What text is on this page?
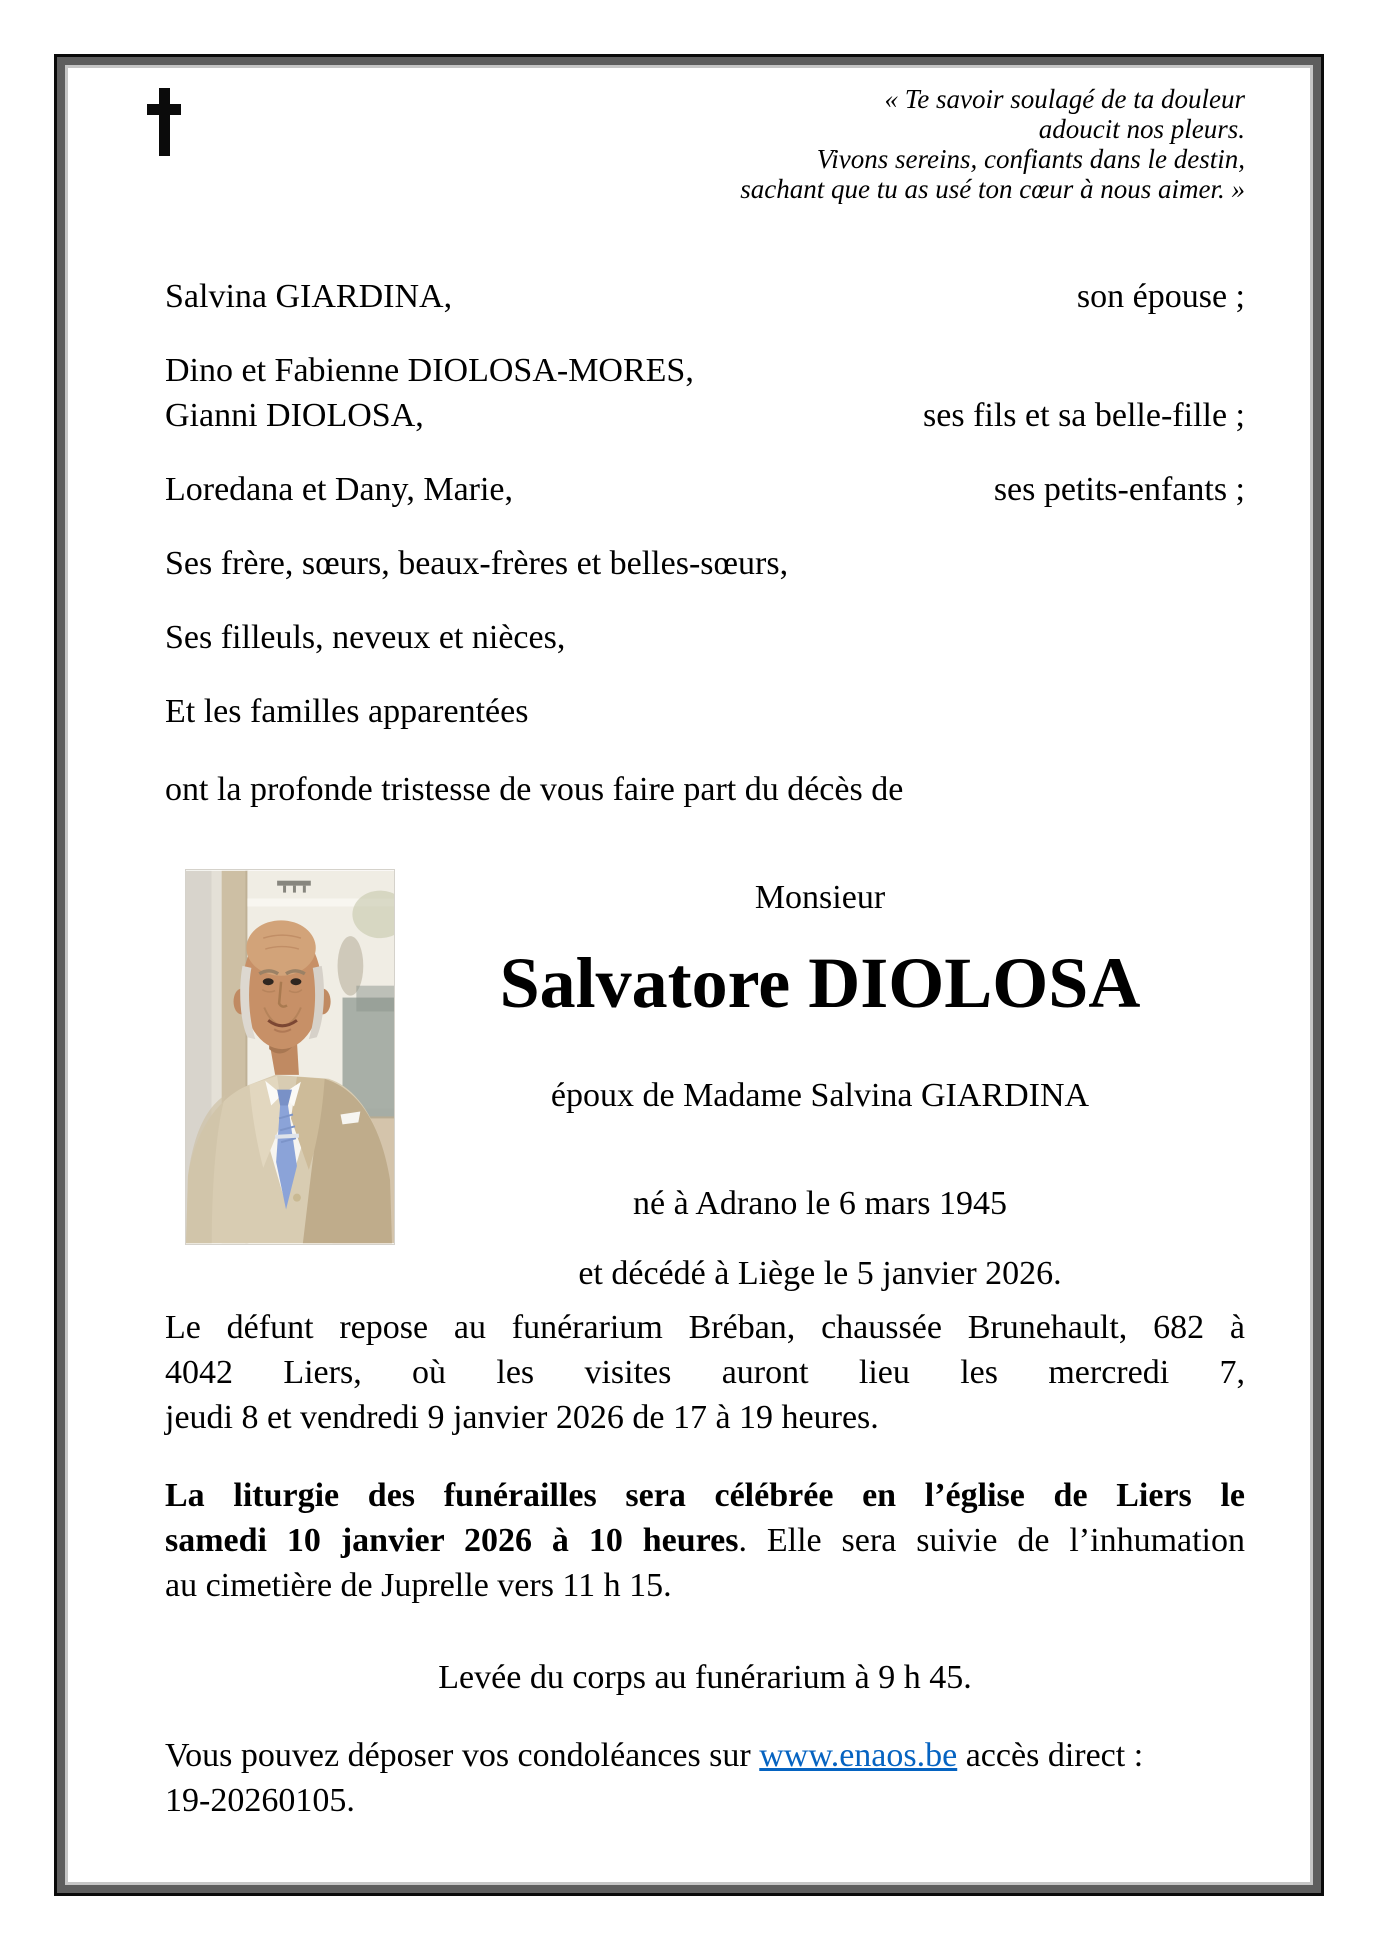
« Te savoir soulagé de ta douleur
adoucit nos pleurs.
Vivons sereins, confiants dans le destin,
sachant que tu as usé ton cœur à nous aimer. »
Salvina GIARDINA,	son épouse ;
Dino et Fabienne DIOLOSA-MORES,
Gianni DIOLOSA,	ses fils et sa belle-fille ;
Loredana et Dany, Marie,	ses petits-enfants ;
Ses frère, sœurs, beaux-frères et belles-sœurs,
Ses filleuls, neveux et nièces,
Et les familles apparentées
ont la profonde tristesse de vous faire part du décès de
Monsieur
Salvatore DIOLOSA
époux de Madame Salvina GIARDINA
né à Adrano le 6 mars 1945
et décédé à Liège le 5 janvier 2026.
Le défunt repose au funérarium Bréban, chaussée Brunehault, 682 à
4042 Liers, où les visites auront lieu les mercredi 7,
jeudi 8 et vendredi 9 janvier 2026 de 17 à 19 heures.
La liturgie des funérailles sera célébrée en l’église de Liers le
samedi 10 janvier 2026 à 10 heures. Elle sera suivie de l’inhumation
au cimetière de Juprelle vers 11 h 15.
Levée du corps au funérarium à 9 h 45.
Vous pouvez déposer vos condoléances sur www.enaos.be accès direct :
19-20260105.
